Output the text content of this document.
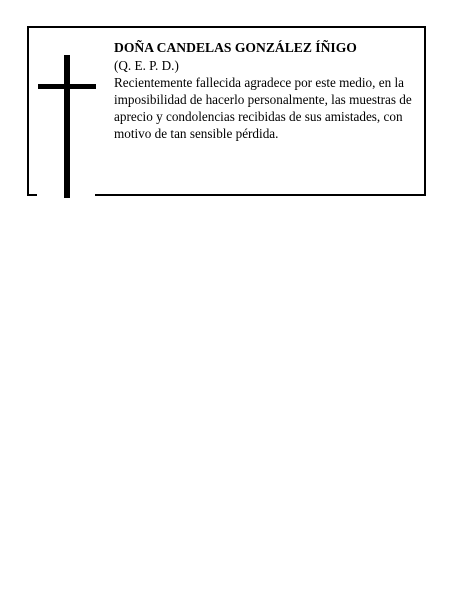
DOÑA CANDELAS GONZÁLEZ ÍÑIGO
(Q. E. P. D.)
Recientemente fallecida agradece por este medio, en la imposibilidad de hacerlo personalmente, las muestras de aprecio y condolencias recibidas de sus amistades, con motivo de tan sensible pérdida.
